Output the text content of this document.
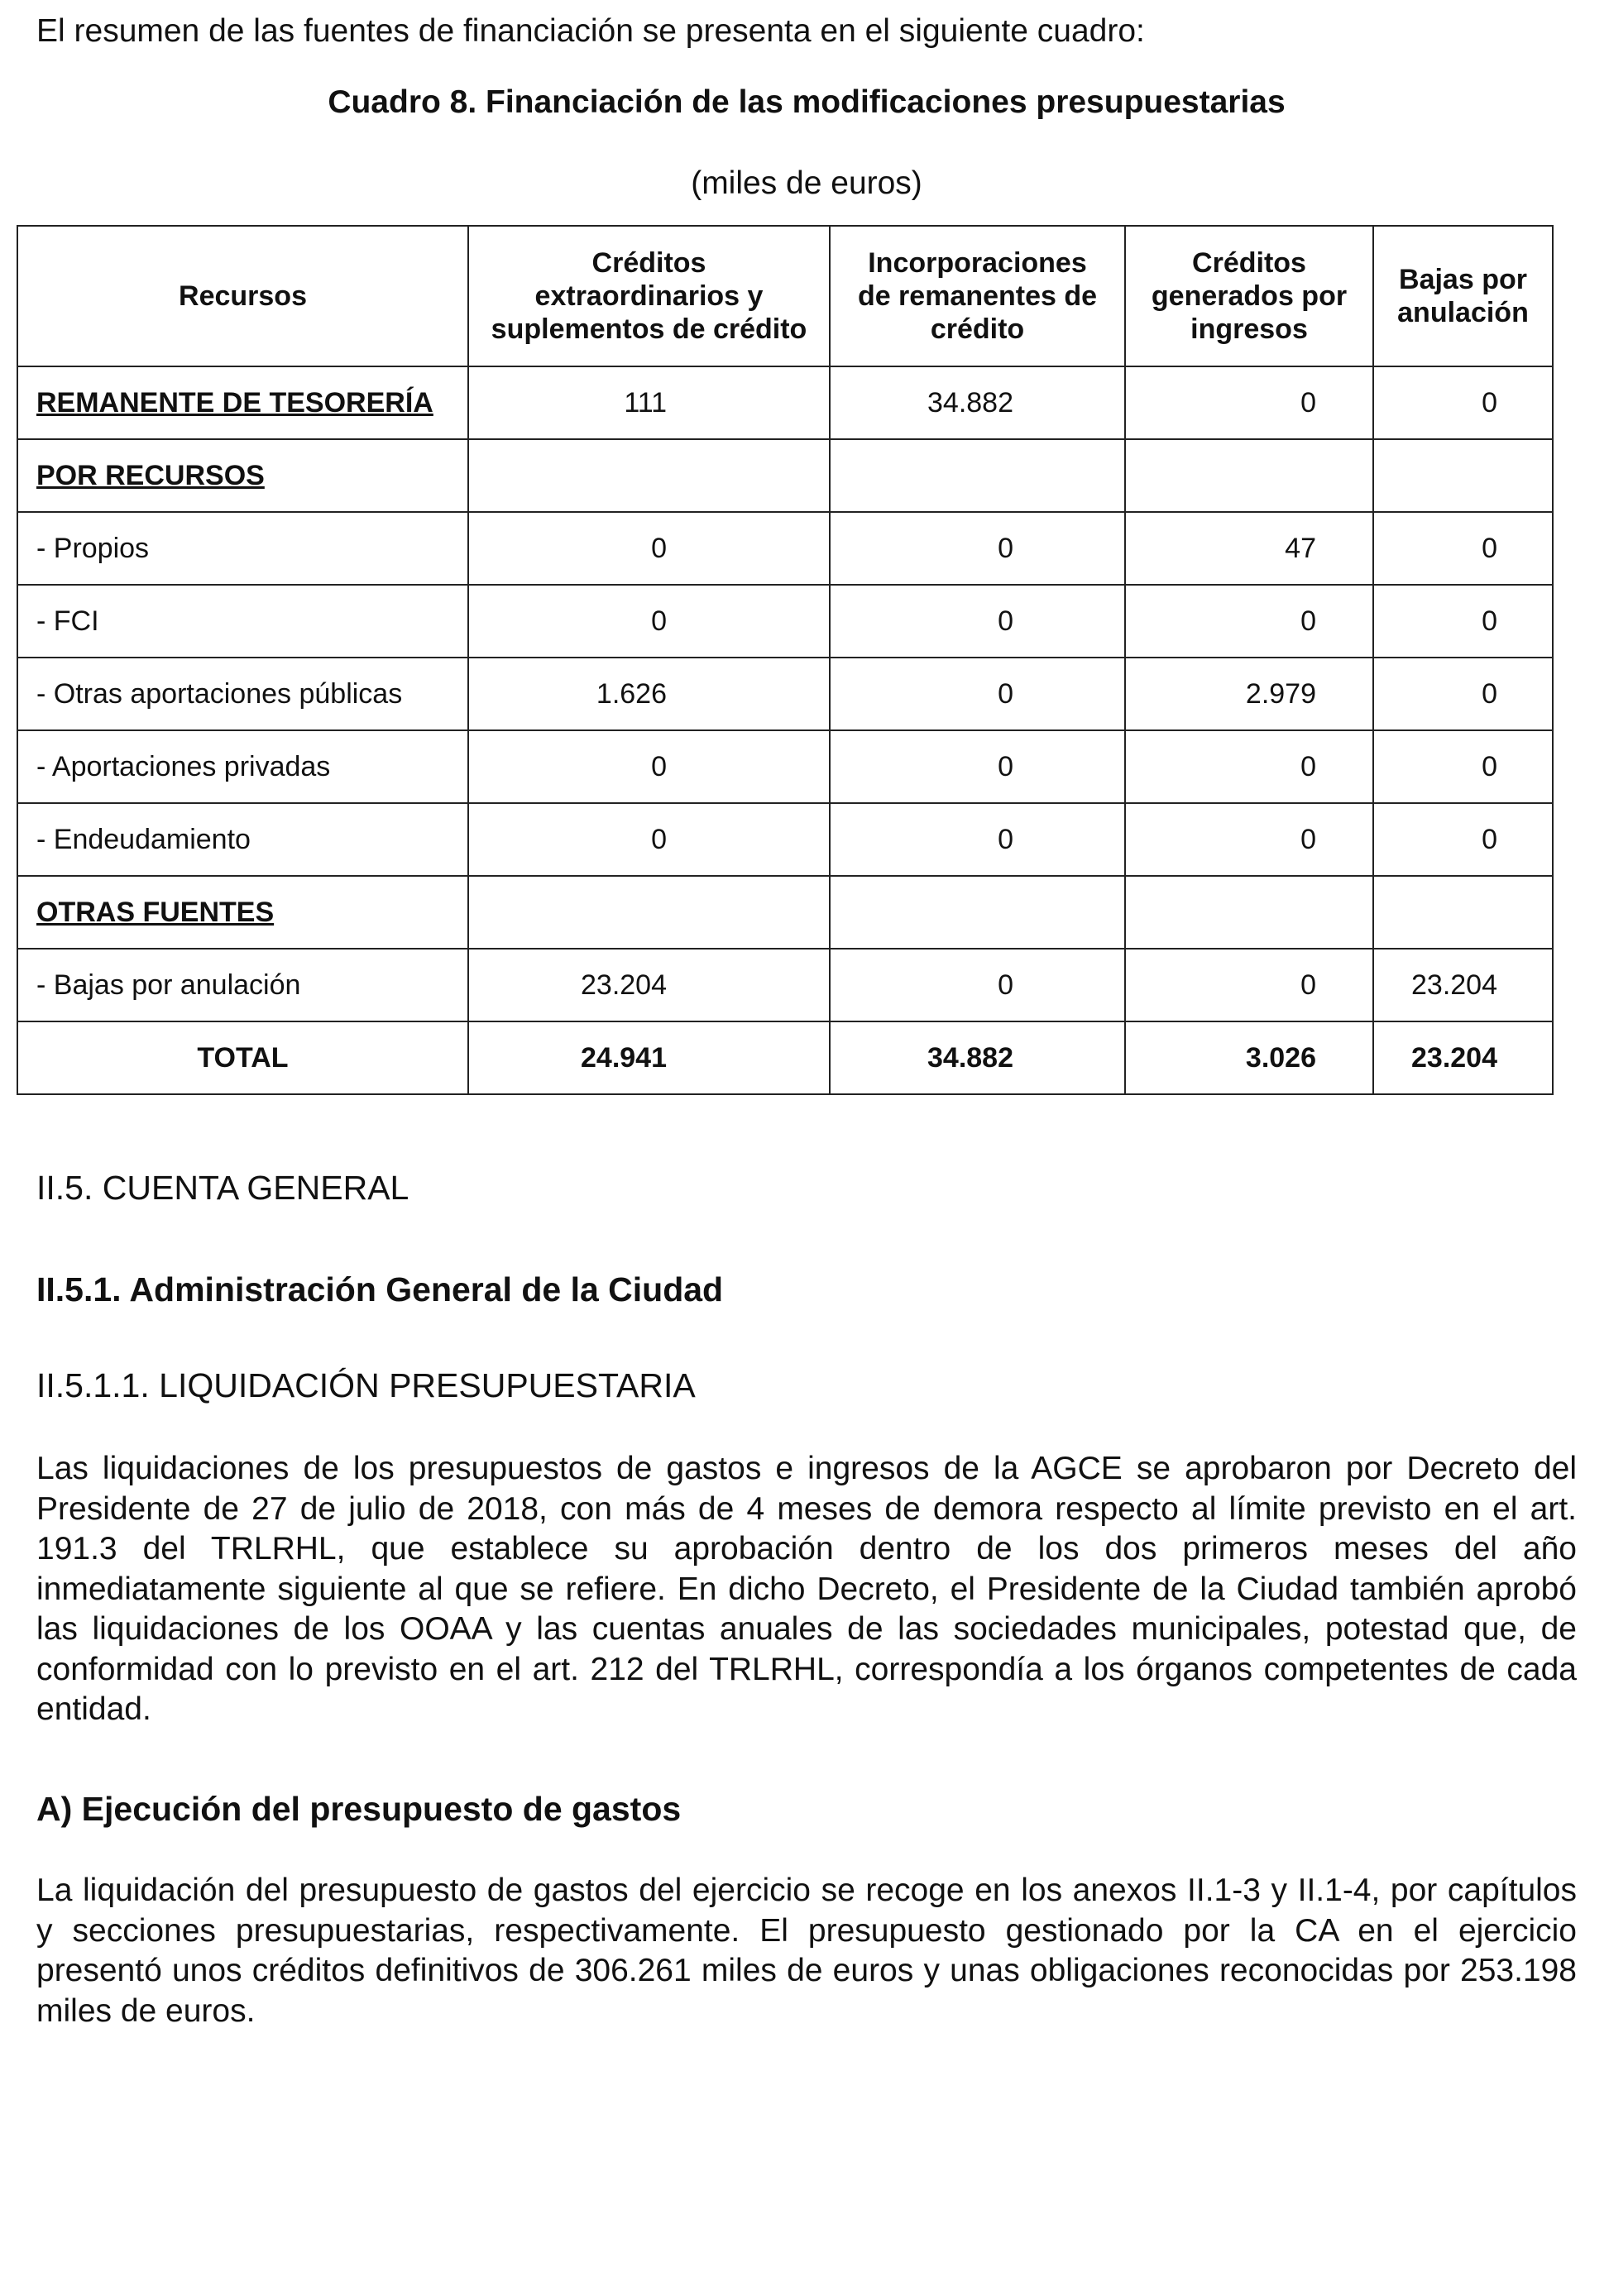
El resumen de las fuentes de financiación se presenta en el siguiente cuadro:

Cuadro 8. Financiación de las modificaciones presupuestarias

(miles de euros)

Recursos	Créditos extraordinarios y suplementos de crédito	Incorporaciones de remanentes de crédito	Créditos generados por ingresos	Bajas por anulación
REMANENTE DE TESORERÍA	111	34.882	0	0
POR RECURSOS				
- Propios	0	0	47	0
- FCI	0	0	0	0
- Otras aportaciones públicas	1.626	0	2.979	0
- Aportaciones privadas	0	0	0	0
- Endeudamiento	0	0	0	0
OTRAS FUENTES				
- Bajas por anulación	23.204	0	0	23.204
TOTAL	24.941	34.882	3.026	23.204
II.5. CUENTA GENERAL
II.5.1. Administración General de la Ciudad
II.5.1.1. LIQUIDACIÓN PRESUPUESTARIA

Las liquidaciones de los presupuestos de gastos e ingresos de la AGCE se aprobaron por Decreto del Presidente de 27 de julio de 2018, con más de 4 meses de demora respecto al límite previsto en el art. 191.3 del TRLRHL, que establece su aprobación dentro de los dos primeros meses del año inmediatamente siguiente al que se refiere. En dicho Decreto, el Presidente de la Ciudad también aprobó las liquidaciones de los OOAA y las cuentas anuales de las sociedades municipales, potestad que, de conformidad con lo previsto en el art. 212 del TRLRHL, correspondía a los órganos competentes de cada entidad.

A) Ejecución del presupuesto de gastos

La liquidación del presupuesto de gastos del ejercicio se recoge en los anexos II.1-3 y II.1-4, por capítulos y secciones presupuestarias, respectivamente. El presupuesto gestionado por la CA en el ejercicio presentó unos créditos definitivos de 306.261 miles de euros y unas obligaciones reconocidas por 253.198 miles de euros.
